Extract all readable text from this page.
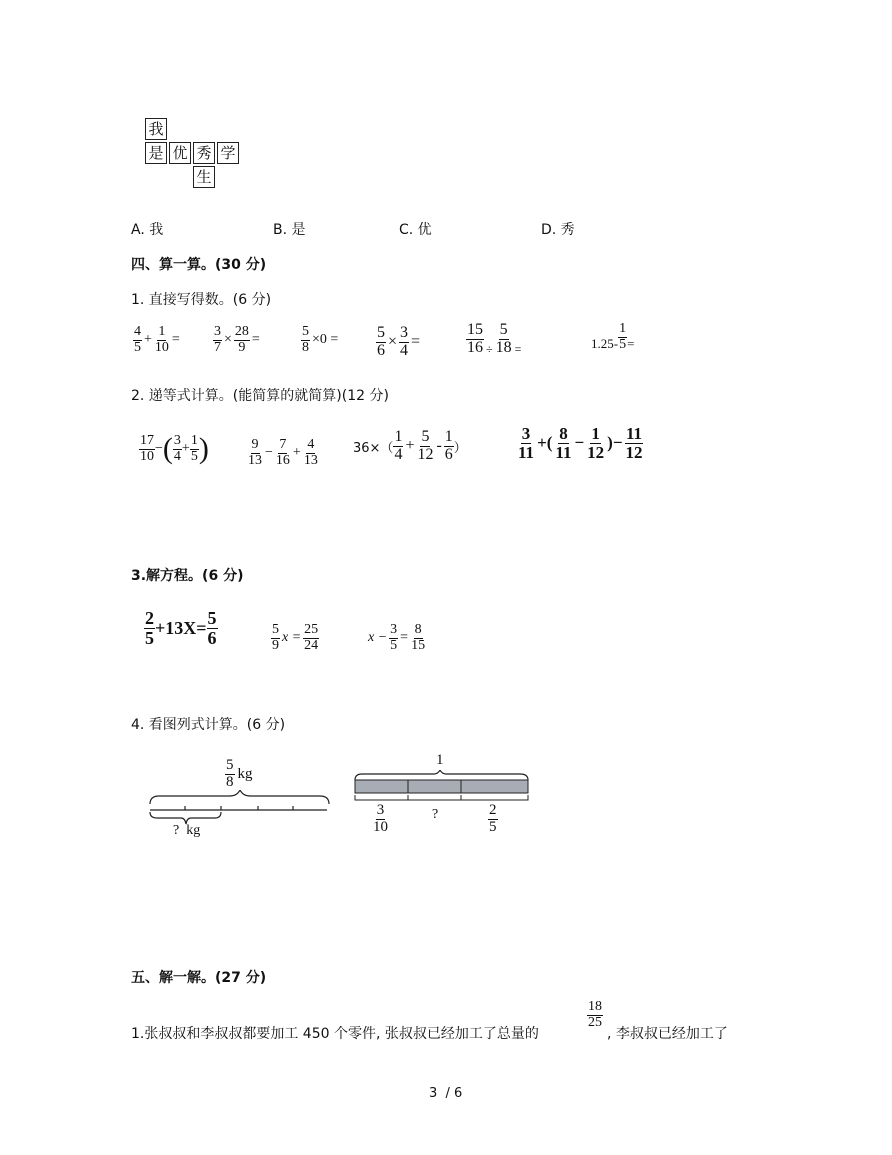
我
是 优 秀 学
生
A. 我	B. 是	C. 优	D. 秀
四、算一算。(30 分)
1. 直接写得数。(6 分)
$\frac{4}{5} + \frac{1}{10} = \frac{3}{7} \times \frac{28}{9}$ =	$\frac{5}{8} \times 0 = \frac{5}{6} \times \frac{3}{4}$ =	$\frac{15}{16} \div \frac{5}{18}$ =	$1.25- \frac{1}{5}$ =
2. 递等式计算。(能简算的就简算)(12 分)
$\frac{17}{10}$ − ( $\frac{3}{4} + \frac{1}{5}$ )	$\frac{9}{13} - \frac{7}{16} + \frac{4}{13}$	$36\times( \frac{1}{4} + \frac{5}{12} - \frac{1}{6}$ ）	$\frac{3}{11}$ +( $\frac{8}{11} - \frac{1}{12}$ )− $\frac{11}{12}$
3.解方程。(6 分)
$\frac{2}{5} +13X= \frac{5}{6}$	$\frac{5}{9}$ $x = \frac{25}{24}$	$x - \frac{3}{5} = \frac{8}{15}$
4. 看图列式计算。(6 分)
$\frac{5}{8}$ kg
?  kg
1
$\frac{3}{10}$	?	$\frac{2}{5}$
五、解一解。(27 分)
1.张叔叔和李叔叔都要加工 450 个零件, 张叔叔已经加工了总量的
$\frac{18}{25}$
, 李叔叔已经加工了
3  / 6
